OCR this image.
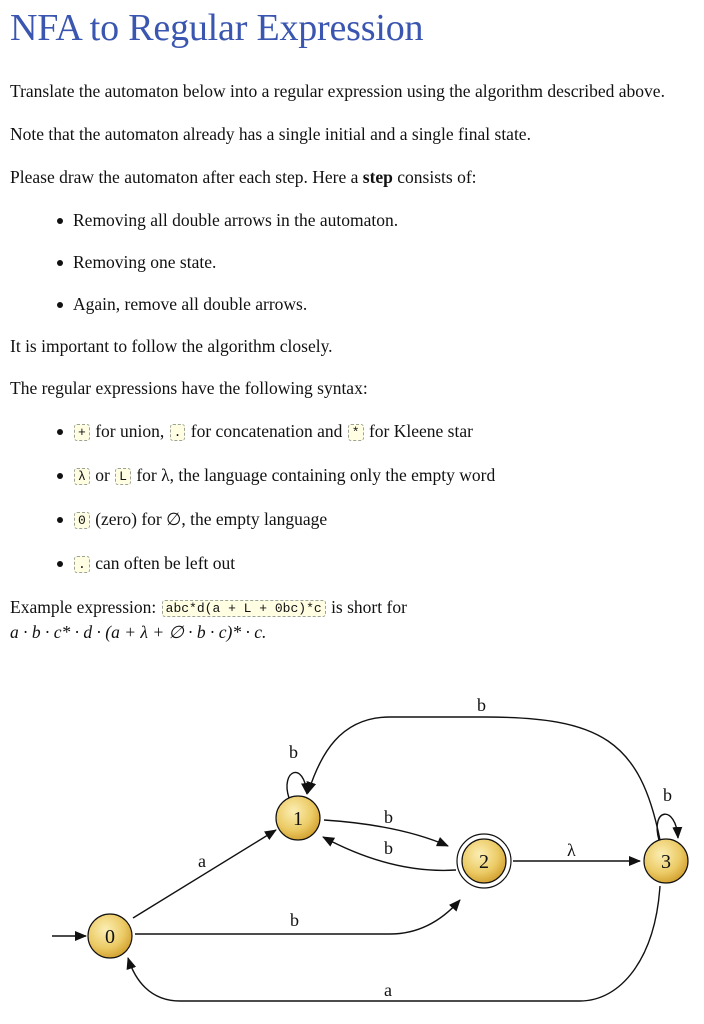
NFA to Regular Expression

Translate the automaton below into a regular expression using the algorithm described above.

Note that the automaton already has a single initial and a single final state.

Please draw the automaton after each step. Here a step consists of:

Removing all double arrows in the automaton.
Removing one state.
Again, remove all double arrows.

It is important to follow the algorithm closely.

The regular expressions have the following syntax:

+ for union, . for concatenation and * for Kleene star
λ or L for λ, the language containing only the empty word
0 (zero) for ∅, the empty language
. can often be left out

Example expression: abc*d(a + L + 0bc)*c is short for
a · b · c* · d · (a + λ + ∅ · b · c)* · c.

a
b
b
b
b	λ
b
b
a
0
1
2	3
